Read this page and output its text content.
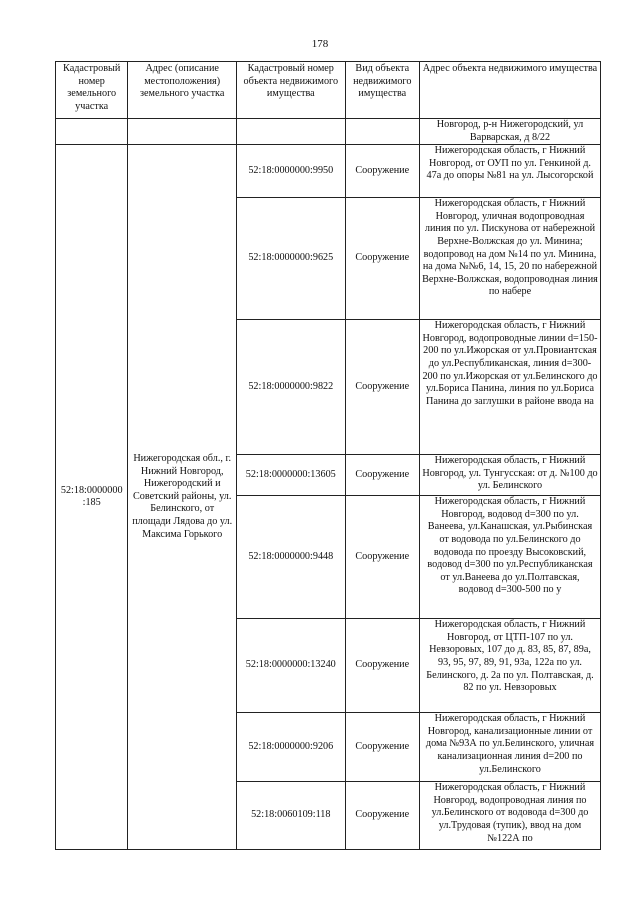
178
Кадастровый номер земельного участка	Адрес (описание местоположения) земельного участка	Кадастровый номер объекта недвижимого имущества	Вид объекта недвижимого имущества	Адрес объекта недвижимого имущества
				Новгород, р-н Нижегородский, ул Варварская, д 8/22
52:18:0000000 :185	Нижегородская обл., г. Нижний Новгород, Нижегородский и Советский районы, ул. Белинского, от площади Лядова до ул. Максима Горького	52:18:0000000:9950	Сооружение	Нижегородская область, г Нижний Новгород, от ОУП по ул. Генкиной д. 47а до опоры №81 на ул. Лысогорской

		52:18:0000000:9625	Сооружение	Нижегородская область, г Нижний Новгород, уличная водопроводная линия по ул. Пискунова от набережной Верхне-Волжская до ул. Минина; водопровод на дом №14 по ул. Минина, на дома №№6, 14, 15, 20 по набережной Верхне-Волжская, водопроводная линия по набере

		52:18:0000000:9822	Сооружение	Нижегородская область, г Нижний Новгород, водопроводные линии d=150-200 по ул.Ижорская от ул.Провиантская до ул.Республиканская, линия d=300-200 по ул.Ижорская от ул.Белинского до ул.Бориса Панина, линия по ул.Бориса Панина до заглушки в районе ввода на

		52:18:0000000:13605	Сооружение	Нижегородская область, г Нижний Новгород, ул. Тунгусская: от д. №100 до ул. Белинского

		52:18:0000000:9448	Сооружение	Нижегородская область, г Нижний Новгород, водовод d=300 по ул. Ванеева, ул.Канашская, ул.Рыбинская от водовода по ул.Белинского до водовода по проезду Высоковский, водовод d=300 по ул.Республиканская от ул.Ванеева до ул.Полтавская, водовод d=300-500 по у

		52:18:0000000:13240	Сооружение	Нижегородская область, г Нижний Новгород, от ЦТП-107 по ул. Невзоровых, 107 до д. 83, 85, 87, 89а, 93, 95, 97, 89, 91, 93а, 122а по ул. Белинского, д. 2а по ул. Полтавская, д. 82 по ул. Невзоровых

		52:18:0000000:9206	Сооружение	Нижегородская область, г Нижний Новгород, канализационные линии от дома №93А по ул.Белинского, уличная канализационная линия d=200 по ул.Белинского

		52:18:0060109:118	Сооружение	Нижегородская область, г Нижний Новгород, водопроводная линия по ул.Белинского от водовода d=300 до ул.Трудовая (тупик), ввод на дом №122А по
